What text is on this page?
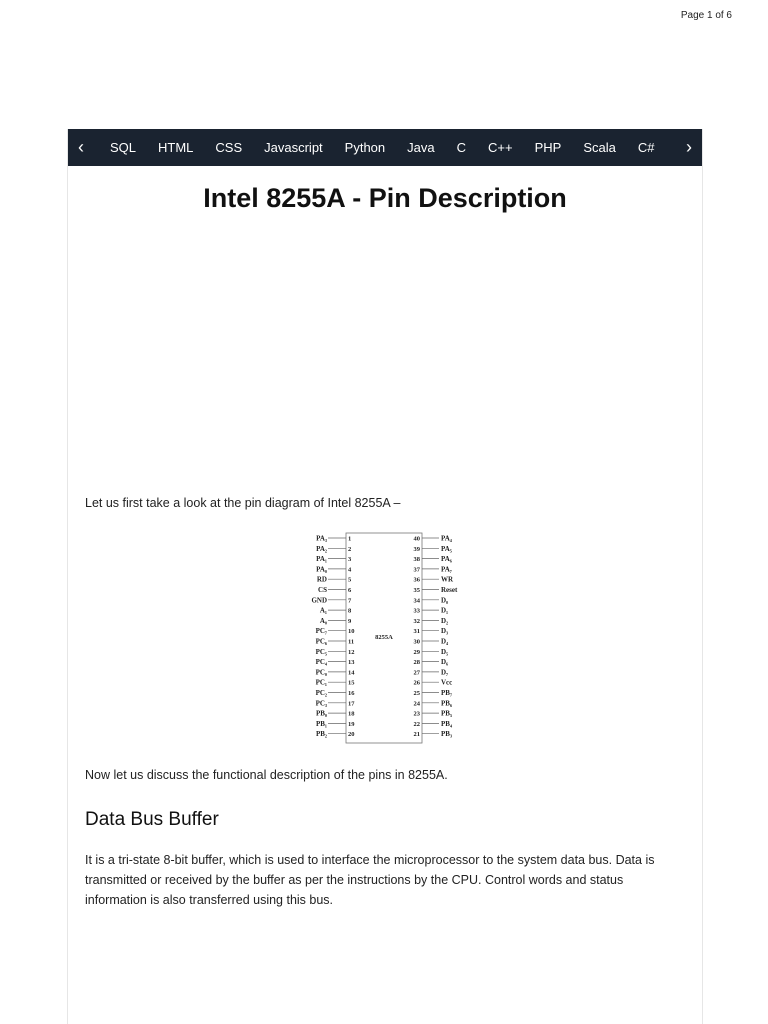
Page 1 of 6
‹	SQL	HTML	CSS	Javascript	Python	Java	C	C++	PHP	Scala	C#	›
Intel 8255A - Pin Description

Let us first take a look at the pin diagram of Intel 8255A –

8255A
PA₃	1
PA₂	2
PA₁	3
PA₀	4
RD	5
CS	6
GND	7
A₁	8
A₀	9
PC₇	10
PC₆	11
PC₅	12
PC₄	13
PC₀	14
PC₁	15
PC₂	16
PC₃	17
PB₀	18
PB₁	19
PB₂	20
40	PA₄
39	PA₅
38	PA₆
37	PA₇
36	WR
35	Reset
34	D₀
33	D₁
32	D₂
31	D₃
30	D₄
29	D₅
28	D₆
27	D₇
26	Vcc
25	PB₇
24	PB₆
23	PB₅
22	PB₄
21	PB₃

Now let us discuss the functional description of the pins in 8255A.

Data Bus Buffer

It is a tri-state 8-bit buffer, which is used to interface the microprocessor to the system data bus. Data is transmitted or received by the buffer as per the instructions by the CPU. Control words and status information is also transferred using this bus.
